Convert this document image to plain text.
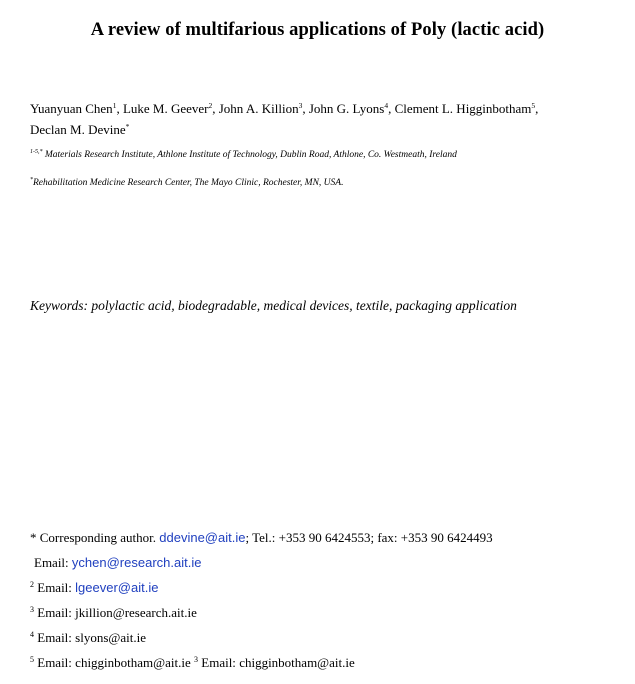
A review of multifarious applications of Poly (lactic acid)
Yuanyuan Chen$^1$, Luke M. Geever$^2$, John A. Killion$^3$, John G. Lyons$^4$, Clement L. Higginbotham$^5$,
Declan M. Devine*
$^{1-5,*}$ Materials Research Institute, Athlone Institute of Technology, Dublin Road, Athlone, Co. Westmeath, Ireland
*Rehabilitation Medicine Research Center, The Mayo Clinic, Rochester, MN, USA.
Keywords: polylactic acid, biodegradable, medical devices, textile, packaging application
* Corresponding author. ddevine@ait.ie; Tel.: +353 90 6424553; fax: +353 90 6424493
Email: ychen@research.ait.ie
$^2$ Email: lgeever@ait.ie
$^3$ Email: jkillion@research.ait.ie
$^4$ Email: slyons@ait.ie
$^5$ Email: chigginbotham@ait.ie $^3$ Email: chigginbotham@ait.ie
